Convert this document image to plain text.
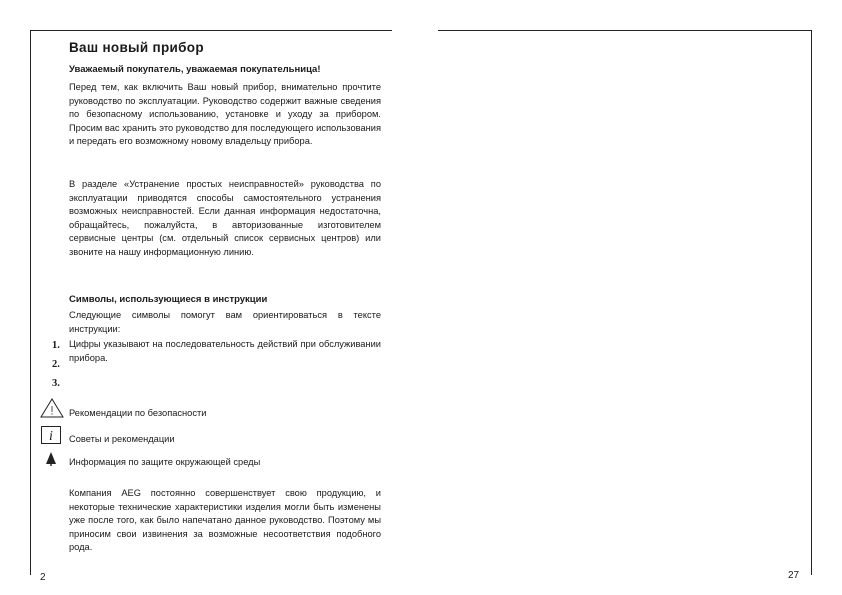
Ваш новый прибор
Уважаемый покупатель, уважаемая покупательница!

Перед тем, как включить Ваш новый прибор, внимательно прочтите руководство по эксплуатации. Руководство содержит важные сведения по безопасному использованию, установке и уходу за прибором. Просим вас хранить это руководство для последующего использования и передать его возможному новому владельцу прибора.

В разделе «Устранение простых неисправностей» руководства по эксплуатации приводятся способы самостоятельного устранения возможных неисправностей. Если данная информация недостаточна, обращайтесь, пожалуйста, в авторизованные изготовителем сервисные центры (см. отдельный список сервисных центров) или звоните на нашу информационную линию.

Символы, использующиеся в инструкции

Следующие символы помогут вам ориентироваться в тексте инструкции:

1.
2.
3.

Цифры указывают на последовательность действий при обслуживании прибора.

Рекомендации по безопасности
i Советы и рекомендации
Информация по защите окружающей среды

Компания AEG постоянно совершенствует свою продукцию, и некоторые технические характеристики изделия могли быть изменены уже после того, как было напечатано данное руководство. Поэтому мы приносим свои извинения за возможные несоответствия подобного рода.

2	27
